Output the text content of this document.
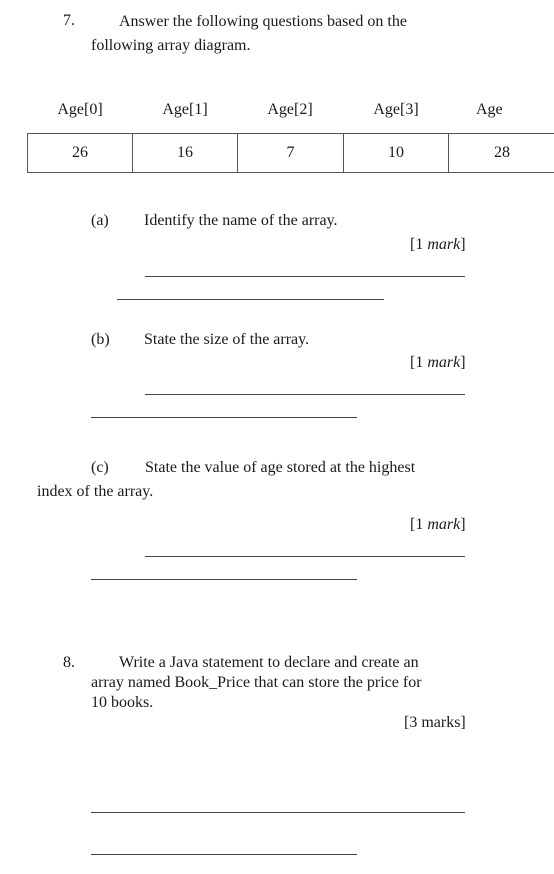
7.	Answer the following questions based on the
following array diagram.
Age[0]	Age[1]	Age[2]	Age[3]	Age
26	16	7	10	28
(a) Identify the name of the array.
[1 mark]
(b) State the size of the array.
[1 mark]
(c) State the value of age stored at the highest
index of the array.
[1 mark]
8.	Write a Java statement to declare and create an
array named Book_Price that can store the price for
10 books.
[3 marks]
